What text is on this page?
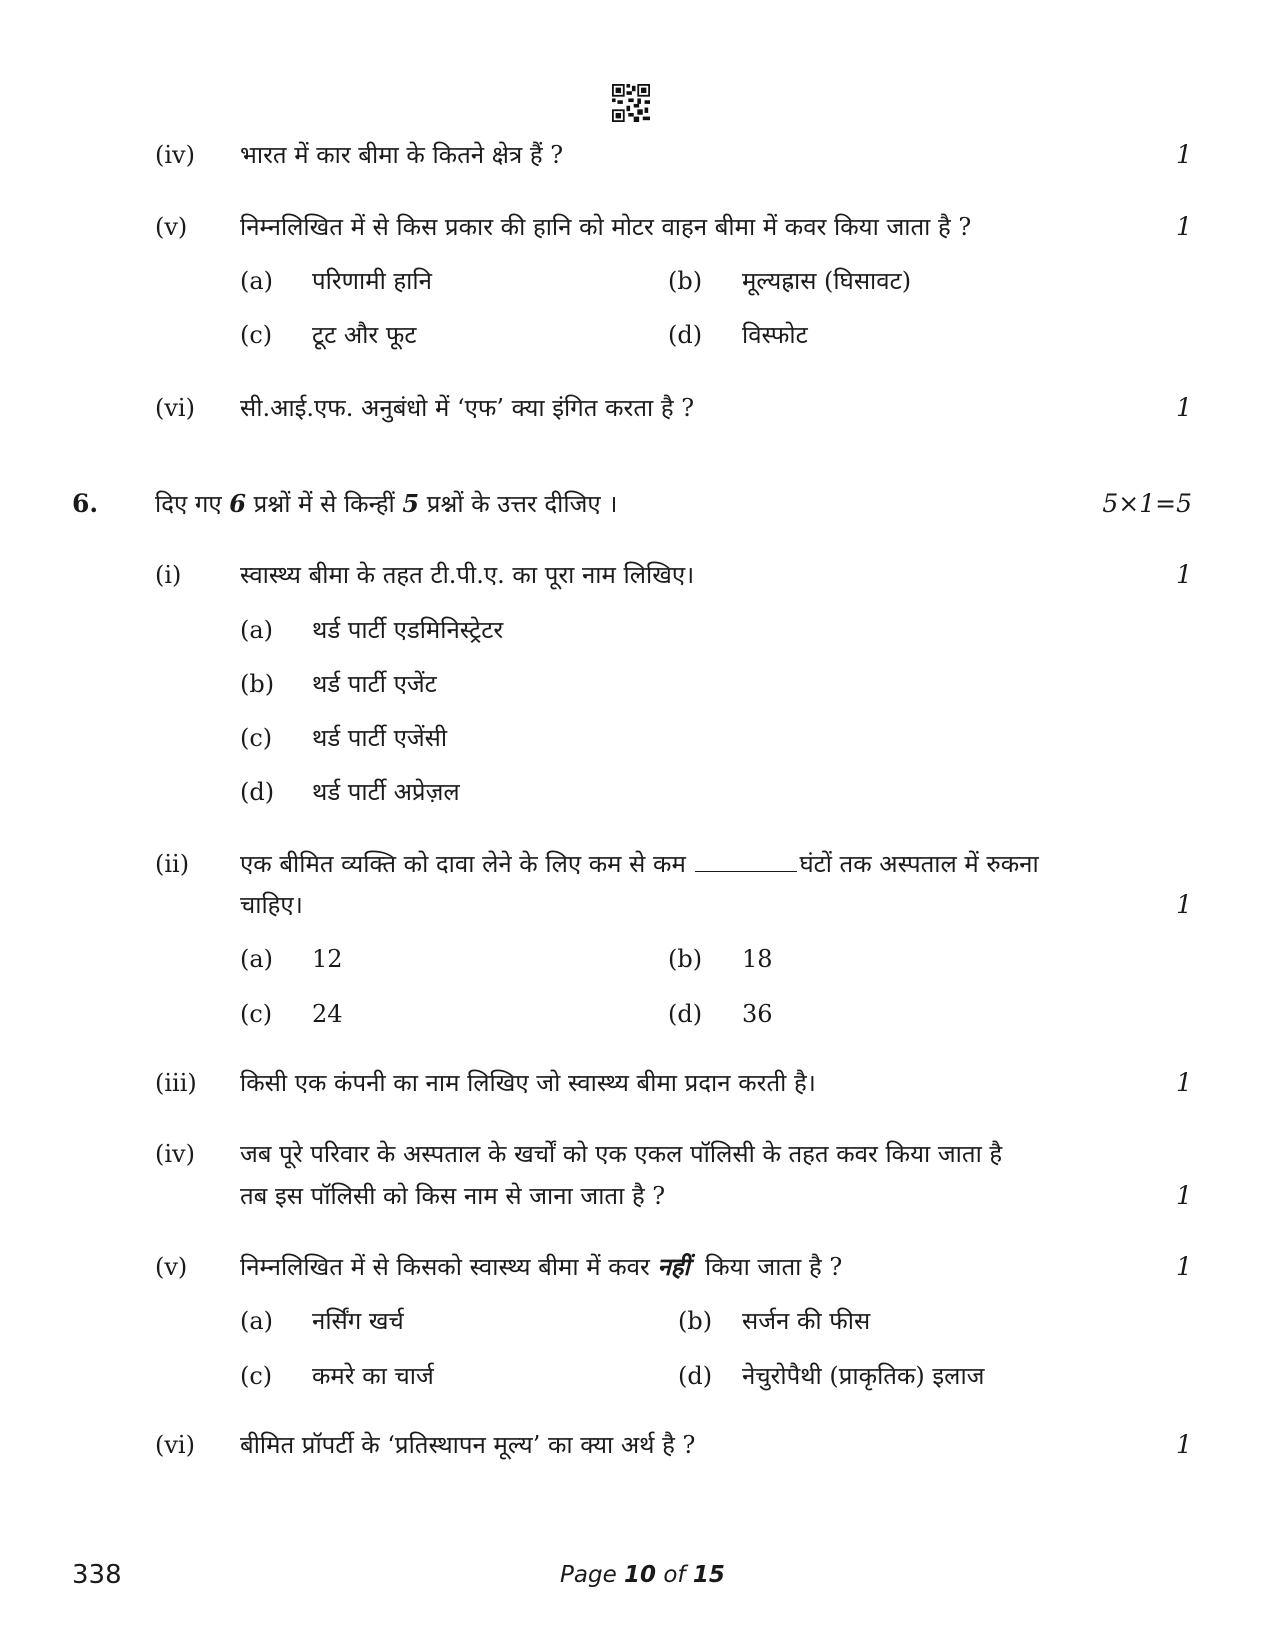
(iv) भारत में कार बीमा के कितने क्षेत्र हैं ?	1
(v) निम्नलिखित में से किस प्रकार की हानि को मोटर वाहन बीमा में कवर किया जाता है ?	1
(a) परिणामी हानि	(b) मूल्यह्रास (घिसावट)
(c) टूट और फूट	(d) विस्फोट
(vi) सी.आई.एफ. अनुबंधो में ‘एफ’ क्या इंगित करता है ?	1
6. दिए गए 6 प्रश्नों में से किन्हीं 5 प्रश्नों के उत्तर दीजिए ।	5×1=5
(i) स्वास्थ्य बीमा के तहत टी.पी.ए. का पूरा नाम लिखिए।	1
(a) थर्ड पार्टी एडमिनिस्ट्रेटर
(b) थर्ड पार्टी एजेंट
(c) थर्ड पार्टी एजेंसी
(d) थर्ड पार्टी अप्रेज़ल
(ii) एक बीमित व्यक्ति को दावा लेने के लिए कम से कम	घंटों तक अस्पताल में रुकना
चाहिए।	1
(a) 12	(b) 18
(c) 24	(d) 36
(iii) किसी एक कंपनी का नाम लिखिए जो स्वास्थ्य बीमा प्रदान करती है।	1
(iv) जब पूरे परिवार के अस्पताल के खर्चों को एक एकल पॉलिसी के तहत कवर किया जाता है
तब इस पॉलिसी को किस नाम से जाना जाता है ?	1
(v) निम्नलिखित में से किसको स्वास्थ्य बीमा में कवर नहीं किया जाता है ?	1
(a) नर्सिंग खर्च	(b) सर्जन की फीस
(c) कमरे का चार्ज	(d) नेचुरोपैथी (प्राकृतिक) इलाज
(vi) बीमित प्रॉपर्टी के ‘प्रतिस्थापन मूल्य’ का क्या अर्थ है ?	1
338	Page 10 of 15
